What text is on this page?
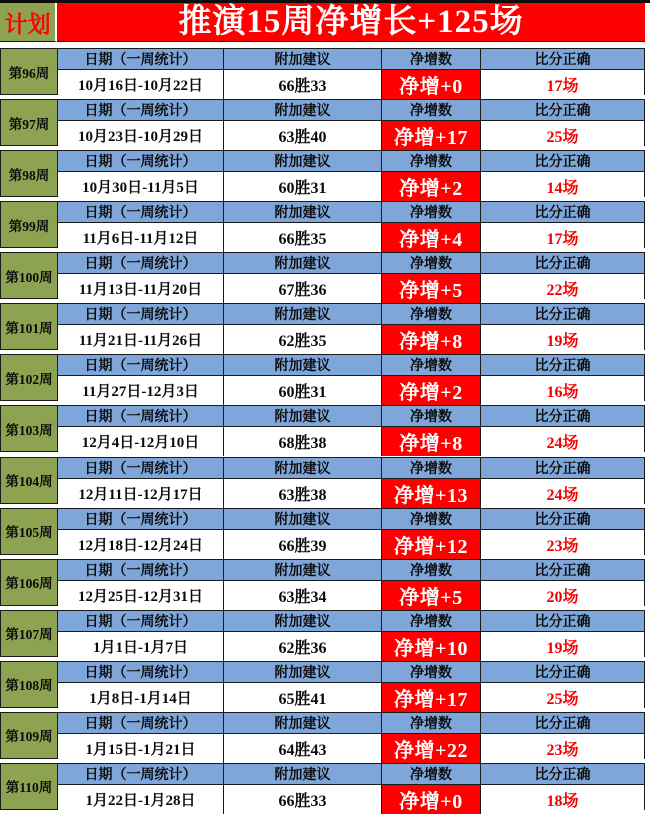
计划	推演15周净增长+125场
第96周
日期（一周统计）	附加建议	净增数	比分正确
10月16日-10月22日	66胜33	净增+0	17场
第97周
日期（一周统计）	附加建议	净增数	比分正确
10月23日-10月29日	63胜40	净增+17	25场
第98周
日期（一周统计）	附加建议	净增数	比分正确
10月30日-11月5日	60胜31	净增+2	14场
第99周
日期（一周统计）	附加建议	净增数	比分正确
11月6日-11月12日	66胜35	净增+4	17场
第100周
日期（一周统计）	附加建议	净增数	比分正确
11月13日-11月20日	67胜36	净增+5	22场
第101周
日期（一周统计）	附加建议	净增数	比分正确
11月21日-11月26日	62胜35	净增+8	19场
第102周
日期（一周统计）	附加建议	净增数	比分正确
11月27日-12月3日	60胜31	净增+2	16场
第103周
日期（一周统计）	附加建议	净增数	比分正确
12月4日-12月10日	68胜38	净增+8	24场
第104周
日期（一周统计）	附加建议	净增数	比分正确
12月11日-12月17日	63胜38	净增+13	24场
第105周
日期（一周统计）	附加建议	净增数	比分正确
12月18日-12月24日	66胜39	净增+12	23场
第106周
日期（一周统计）	附加建议	净增数	比分正确
12月25日-12月31日	63胜34	净增+5	20场
第107周
日期（一周统计）	附加建议	净增数	比分正确
1月1日-1月7日	62胜36	净增+10	19场
第108周
日期（一周统计）	附加建议	净增数	比分正确
1月8日-1月14日	65胜41	净增+17	25场
第109周
日期（一周统计）	附加建议	净增数	比分正确
1月15日-1月21日	64胜43	净增+22	23场
第110周
日期（一周统计）	附加建议	净增数	比分正确
1月22日-1月28日	66胜33	净增+0	18场
